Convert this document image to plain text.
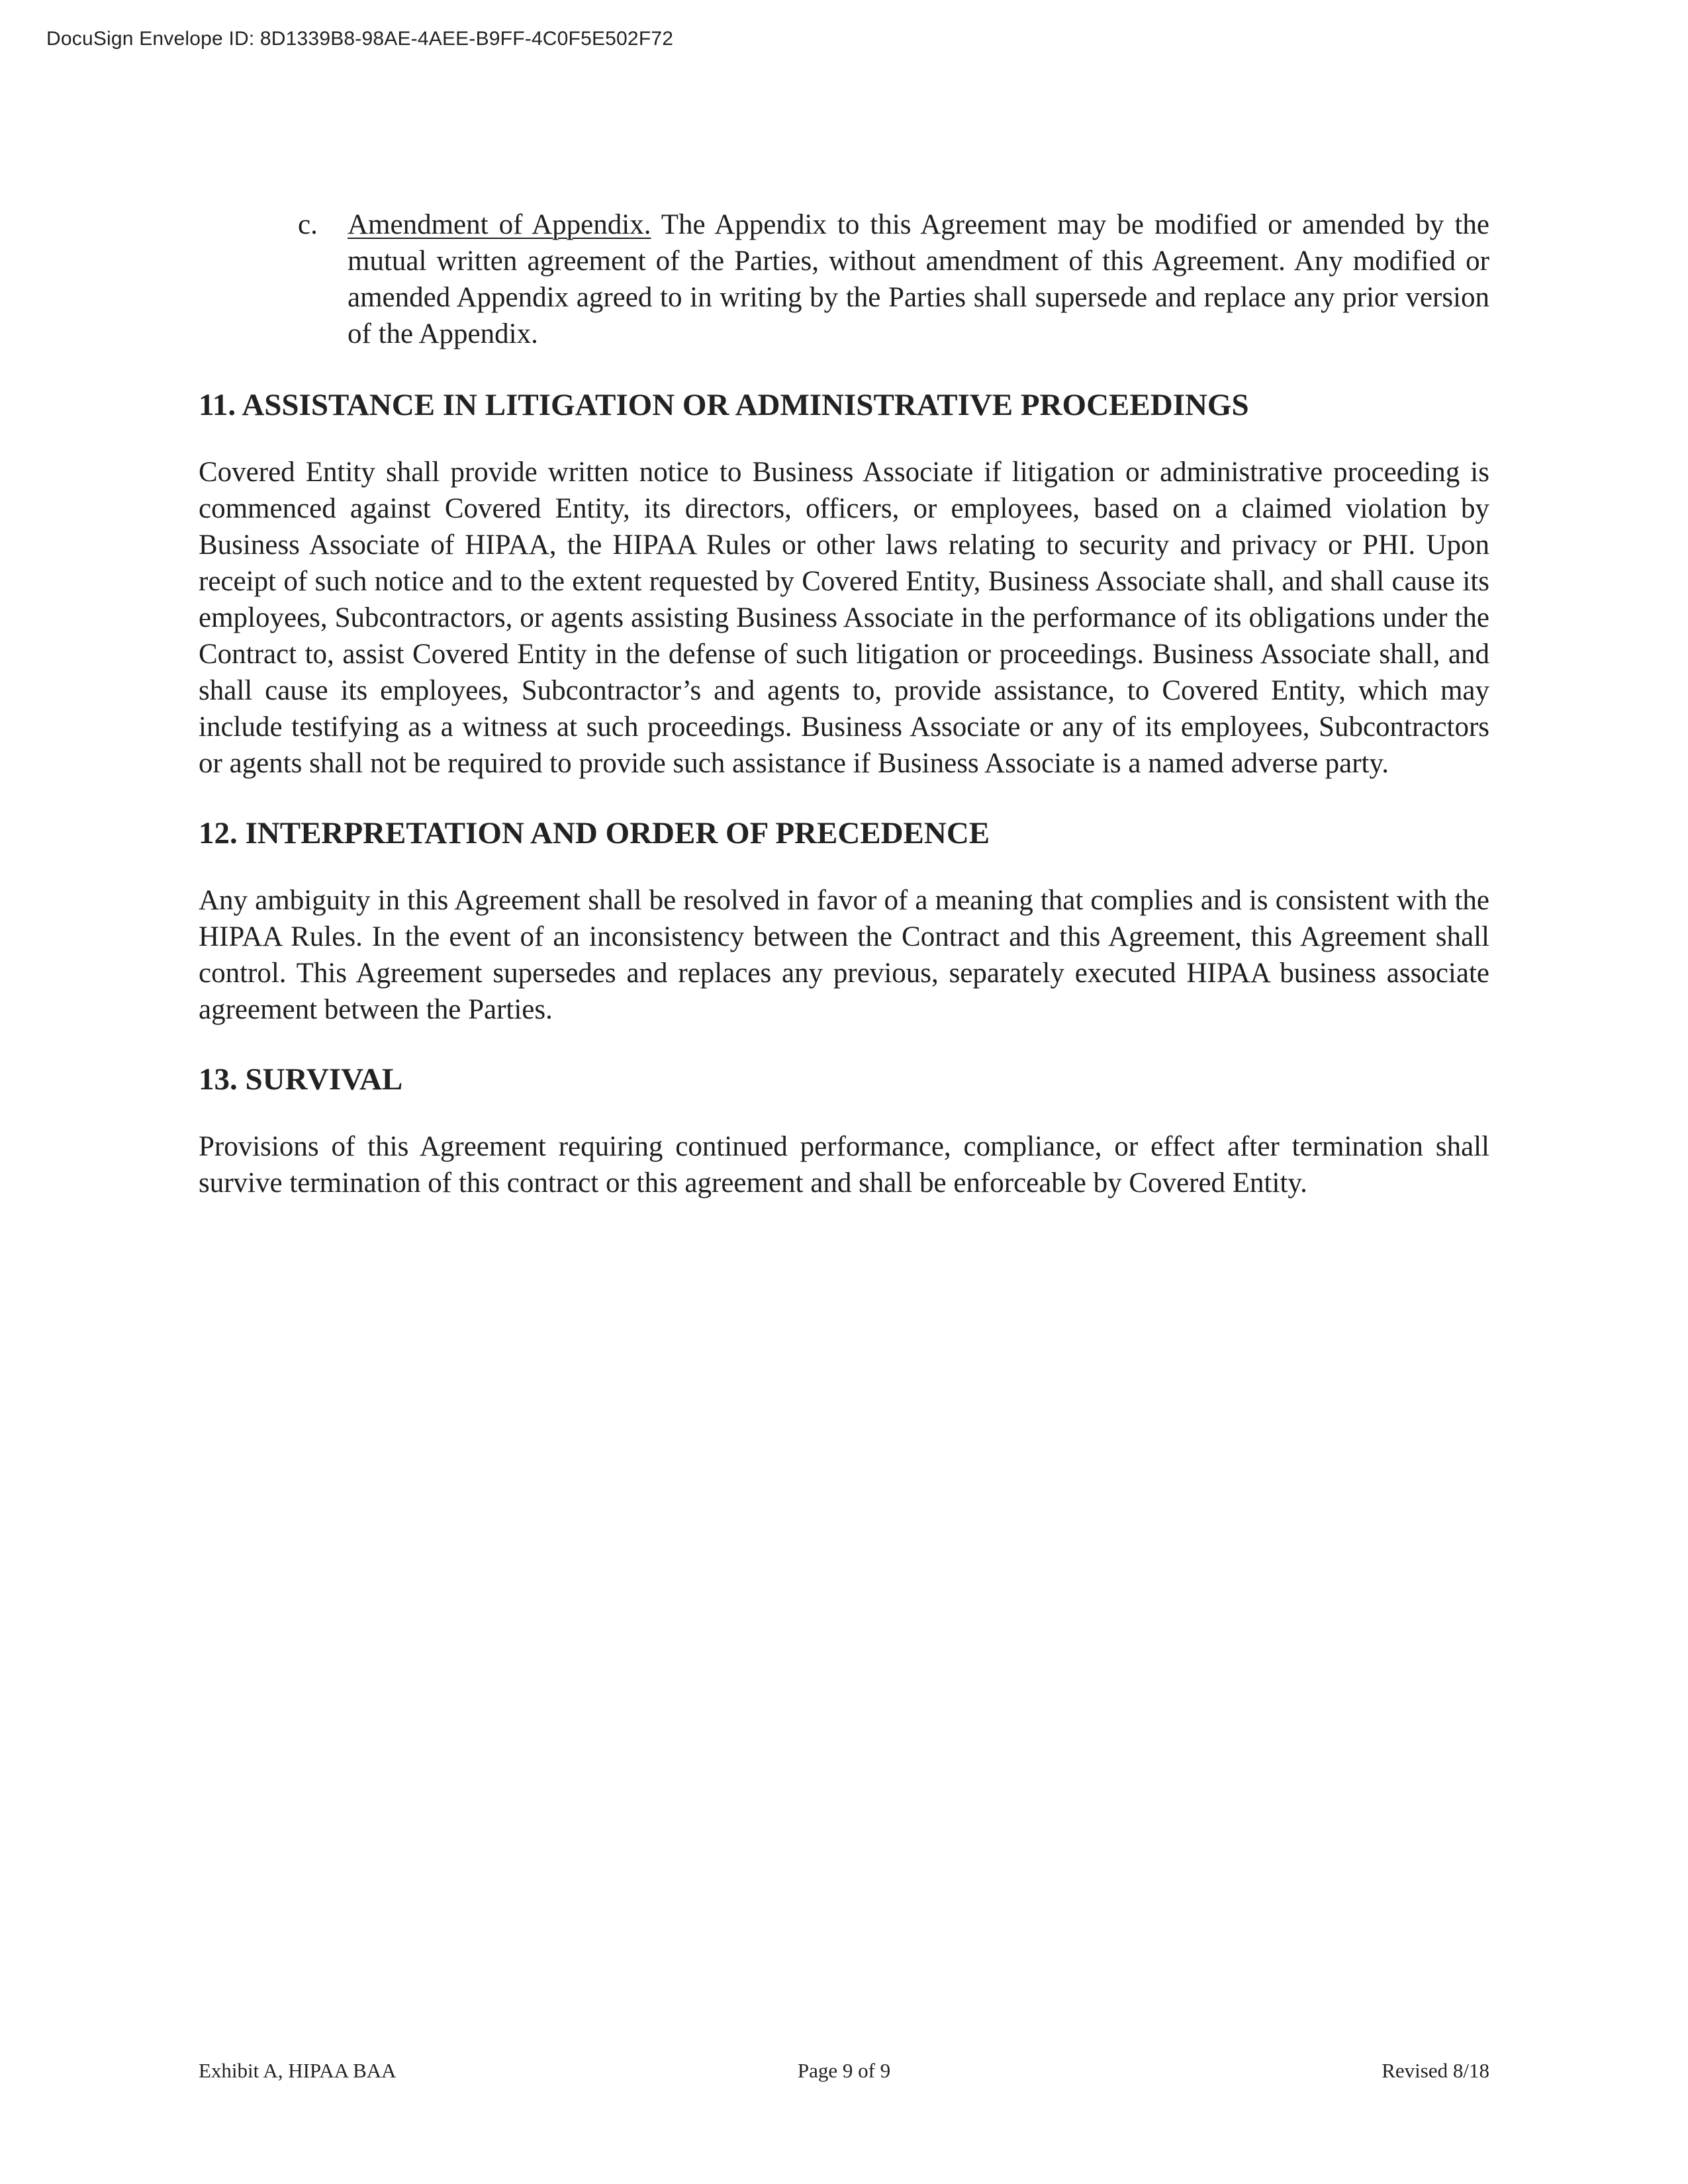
DocuSign Envelope ID: 8D1339B8-98AE-4AEE-B9FF-4C0F5E502F72
c. Amendment of Appendix. The Appendix to this Agreement may be modified or amended by the mutual written agreement of the Parties, without amendment of this Agreement. Any modified or amended Appendix agreed to in writing by the Parties shall supersede and replace any prior version of the Appendix.

11. ASSISTANCE IN LITIGATION OR ADMINISTRATIVE PROCEEDINGS

Covered Entity shall provide written notice to Business Associate if litigation or administrative proceeding is commenced against Covered Entity, its directors, officers, or employees, based on a claimed violation by Business Associate of HIPAA, the HIPAA Rules or other laws relating to security and privacy or PHI. Upon receipt of such notice and to the extent requested by Covered Entity, Business Associate shall, and shall cause its employees, Subcontractors, or agents assisting Business Associate in the performance of its obligations under the Contract to, assist Covered Entity in the defense of such litigation or proceedings. Business Associate shall, and shall cause its employees, Subcontractor’s and agents to, provide assistance, to Covered Entity, which may include testifying as a witness at such proceedings. Business Associate or any of its employees, Subcontractors or agents shall not be required to provide such assistance if Business Associate is a named adverse party.

12. INTERPRETATION AND ORDER OF PRECEDENCE

Any ambiguity in this Agreement shall be resolved in favor of a meaning that complies and is consistent with the HIPAA Rules. In the event of an inconsistency between the Contract and this Agreement, this Agreement shall control. This Agreement supersedes and replaces any previous, separately executed HIPAA business associate agreement between the Parties.

13. SURVIVAL

Provisions of this Agreement requiring continued performance, compliance, or effect after termination shall survive termination of this contract or this agreement and shall be enforceable by Covered Entity.

Exhibit A, HIPAA BAA	Page 9 of 9	Revised 8/18
